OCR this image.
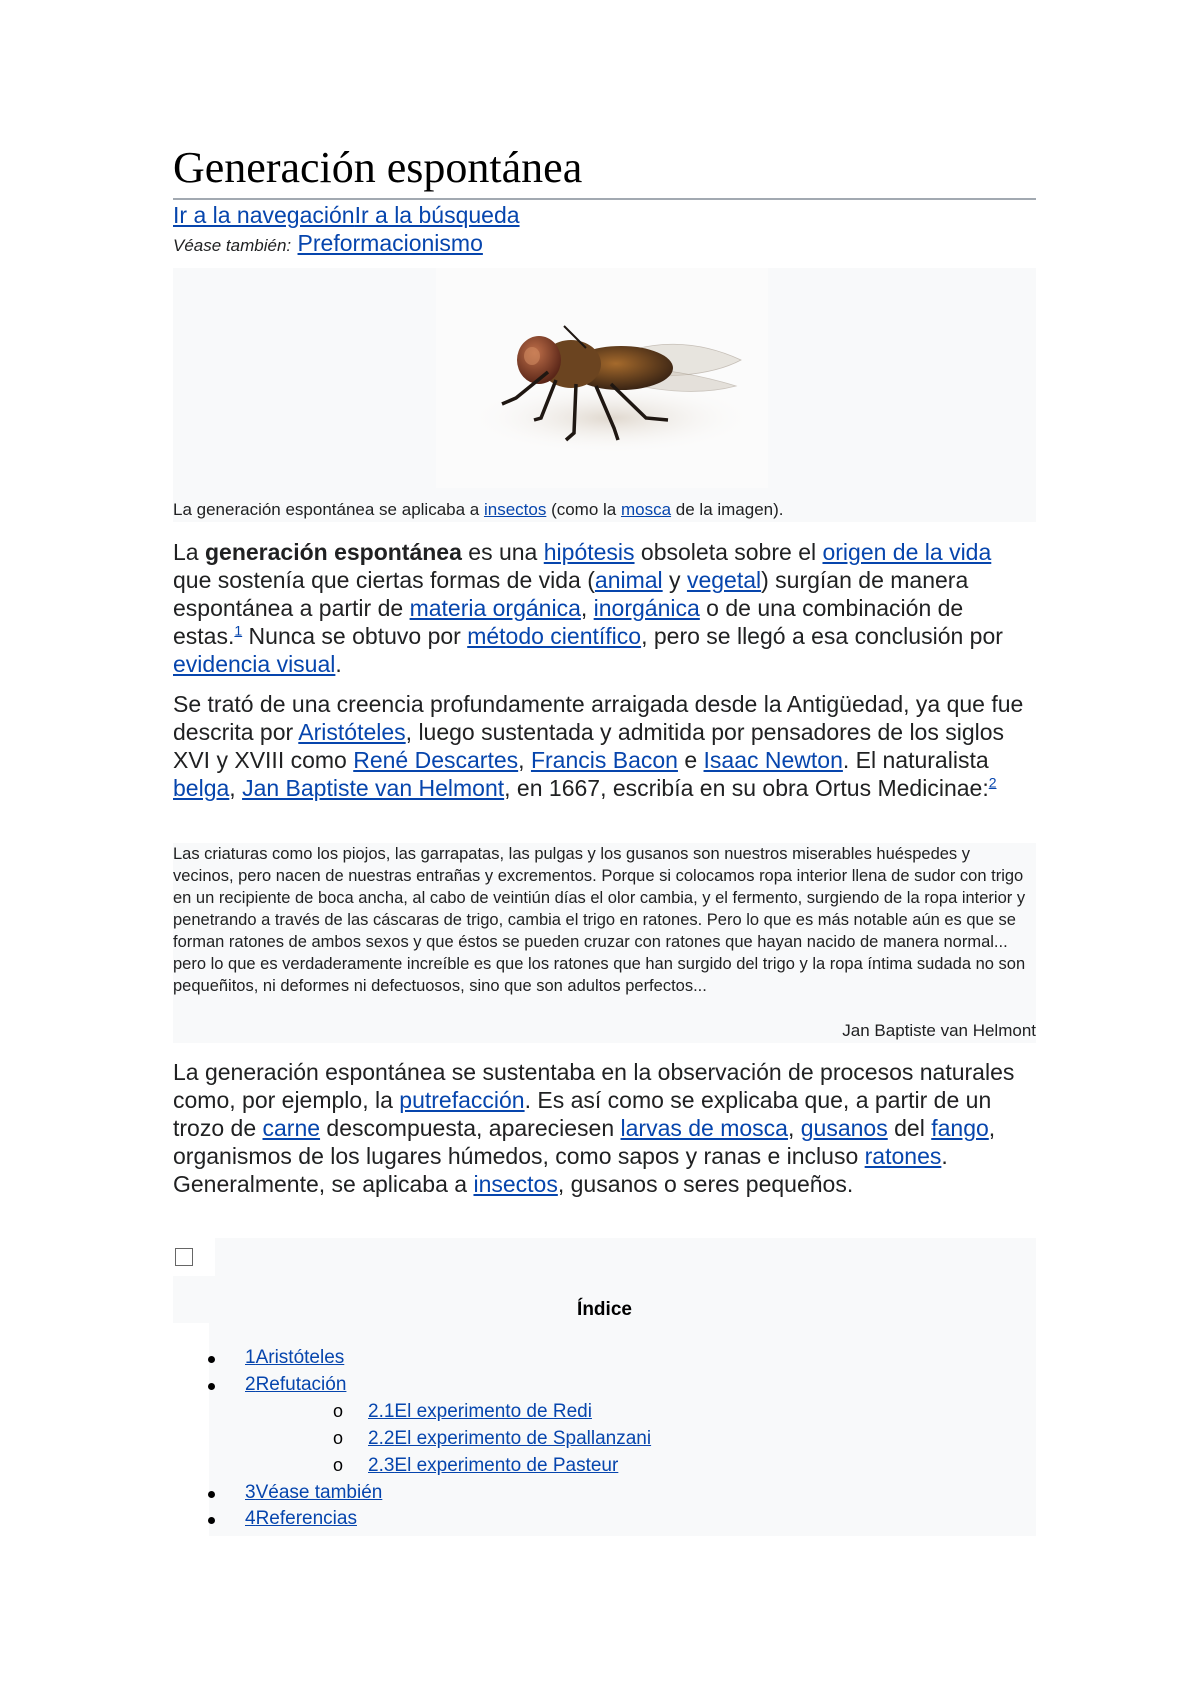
Generación espontánea
Ir a la navegaciónIr a la búsqueda
Véase también: Preformacionismo
La generación espontánea se aplicaba a insectos (como la mosca de la imagen).

La generación espontánea es una hipótesis obsoleta sobre el origen de la vida que sostenía que ciertas formas de vida (animal y vegetal) surgían de manera espontánea a partir de materia orgánica, inorgánica o de una combinación de estas.$^1$ Nunca se obtuvo por método científico, pero se llegó a esa conclusión por evidencia visual.

Se trató de una creencia profundamente arraigada desde la Antigüedad, ya que fue descrita por Aristóteles, luego sustentada y admitida por pensadores de los siglos XVI y XVIII como René Descartes, Francis Bacon e Isaac Newton. El naturalista belga, Jan Baptiste van Helmont, en 1667, escribía en su obra Ortus Medicinae:$^2$

Las criaturas como los piojos, las garrapatas, las pulgas y los gusanos son nuestros miserables huéspedes y vecinos, pero nacen de nuestras entrañas y excrementos. Porque si colocamos ropa interior llena de sudor con trigo en un recipiente de boca ancha, al cabo de veintiún días el olor cambia, y el fermento, surgiendo de la ropa interior y penetrando a través de las cáscaras de trigo, cambia el trigo en ratones. Pero lo que es más notable aún es que se forman ratones de ambos sexos y que éstos se pueden cruzar con ratones que hayan nacido de manera normal... pero lo que es verdaderamente increíble es que los ratones que han surgido del trigo y la ropa íntima sudada no son pequeñitos, ni deformes ni defectuosos, sino que son adultos perfectos...

Jan Baptiste van Helmont

La generación espontánea se sustentaba en la observación de procesos naturales como, por ejemplo, la putrefacción. Es así como se explicaba que, a partir de un trozo de carne descompuesta, apareciesen larvas de mosca, gusanos del fango, organismos de los lugares húmedos, como sapos y ranas e incluso ratones. Generalmente, se aplicaba a insectos, gusanos o seres pequeños.

Índice
1Aristóteles
2Refutación
o 2.1El experimento de Redi
o 2.2El experimento de Spallanzani
o 2.3El experimento de Pasteur
3Véase también
4Referencias
